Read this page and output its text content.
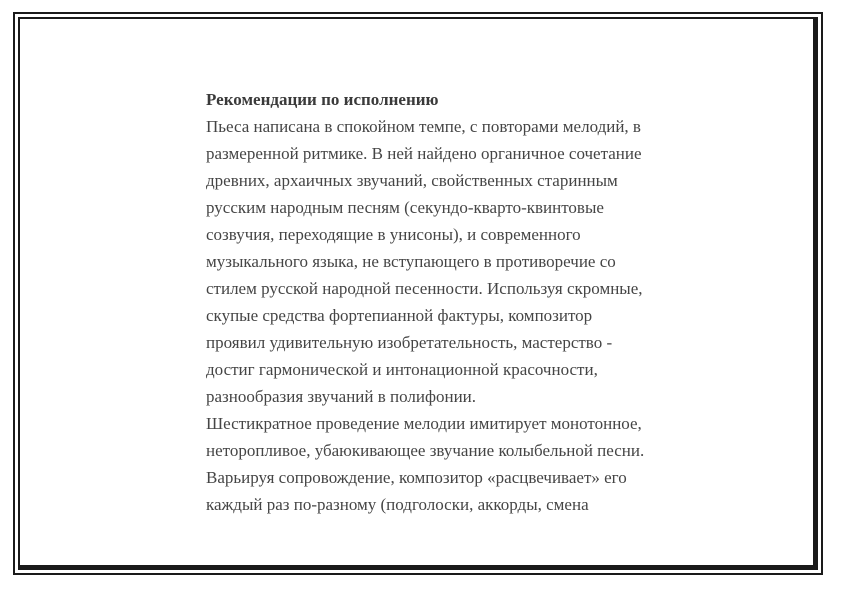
Рекомендации по исполнению
Пьеса написана в спокойном темпе, с повторами мелодий, в
размеренной ритмике. В ней найдено органичное сочетание
древних, архаичных звучаний, свойственных старинным
русским народным песням (секундо-кварто-квинтовые
созвучия, переходящие в унисоны), и современного
музыкального языка, не вступающего в противоречие со
стилем русской народной песенности. Используя скромные,
скупые средства фортепианной фактуры, композитор
проявил удивительную изобретательность, мастерство -
достиг гармонической и интонационной красочности,
разнообразия звучаний в полифонии.
Шестикратное проведение мелодии имитирует монотонное,
неторопливое, убаюкивающее звучание колыбельной песни.
Варьируя сопровождение, композитор «расцвечивает» его
каждый раз по-разному (подголоски, аккорды, смена
